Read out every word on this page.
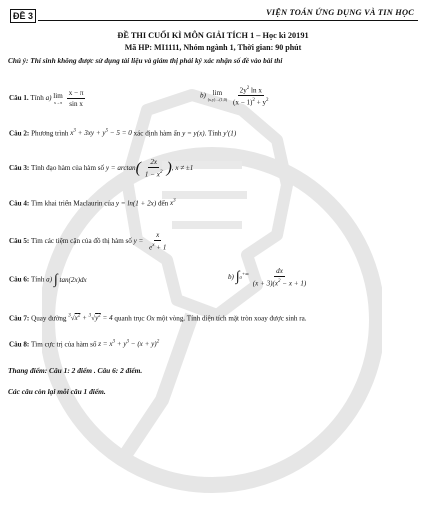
ĐỀ 3	VIỆN TOÁN ỨNG DỤNG VÀ TIN HỌC
ĐỀ THI CUỐI KÌ MÔN GIẢI TÍCH 1 – Học kì 20191
Mã HP: MI1111, Nhóm ngành 1, Thời gian: 90 phút
Chú ý: Thí sinh không được sử dụng tài liệu và giám thị phải ký xác nhận số đề vào bài thi
Câu 1. Tính a) lim
$x\to\pi \frac{x - \pi}{\text{sin x}}$	b) lim
$(x,y)\to(1,0) \frac{2y^2 \ln x}{(x - 1)^2 + y^2}$
Câu 2: Phương trình $x^3 + 3xy + y^5 - 5 = 0$ xác định hàm ẩn y = y(x). Tính y′(1)
Câu 3: Tính đạo hàm của hàm số $y = \arctan( \frac{2x}{1 - x^2}$ ), x ≠ ±1
Câu 4: Tìm khai triển Maclaurin của y = ln(1 + 2x) đến $x^3$
Câu 5: Tìm các tiệm cận của đồ thị hàm số $y = \frac{x}{e^x + 1}$
Câu 6: Tính a) ∫ tan(2x)dx	b) $\int 0^{+\infty} \frac{dx}{(x + 3)(x^2 - x + 1)}$
Câu 7: Quay đường $^3√x^2 + ^3√y^2 = 4$ quanh trục Ox một vòng. Tính diện tích mặt tròn xoay được sinh ra.
Câu 8: Tìm cực trị của hàm số $z = x^3 + y^3 - (x + y)^2$
Thang điểm: Câu 1: 2 điểm . Câu 6: 2 điểm.
Các câu còn lại mỗi câu 1 điểm.
